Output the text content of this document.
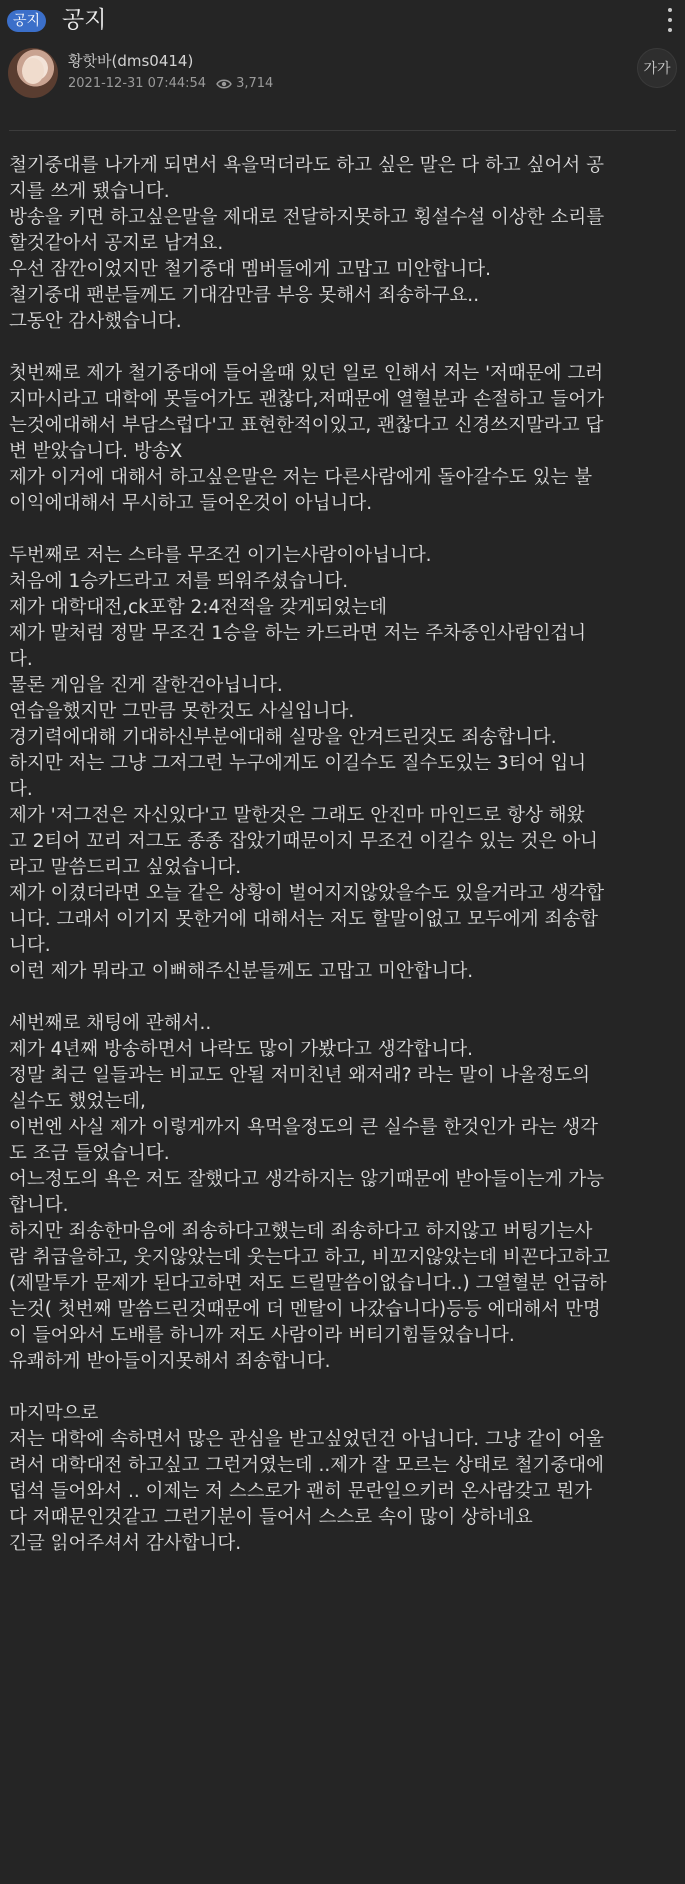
공지 공지
황핫바(dms0414)
2021-12-31 07:44:54 3,714
가가
철기중대를 나가게 되면서 욕을먹더라도 하고 싶은 말은 다 하고 싶어서 공
지를 쓰게 됐습니다.
방송을 키면 하고싶은말을 제대로 전달하지못하고 횡설수설 이상한 소리를
할것같아서 공지로 남겨요.
우선 잠깐이었지만 철기중대 멤버들에게 고맙고 미안합니다.
철기중대 팬분들께도 기대감만큼 부응 못해서 죄송하구요..
그동안 감사했습니다.
첫번째로 제가 철기중대에 들어올때 있던 일로 인해서 저는 '저때문에 그러
지마시라고 대학에 못들어가도 괜찮다,저때문에 열혈분과 손절하고 들어가
는것에대해서 부담스럽다'고 표현한적이있고, 괜찮다고 신경쓰지말라고 답
변 받았습니다. 방송X
제가 이거에 대해서 하고싶은말은 저는 다른사람에게 돌아갈수도 있는 불
이익에대해서 무시하고 들어온것이 아닙니다.
두번째로 저는 스타를 무조건 이기는사람이아닙니다.
처음에 1승카드라고 저를 띄워주셨습니다.
제가 대학대전,ck포함 2:4전적을 갖게되었는데
제가 말처럼 정말 무조건 1승을 하는 카드라면 저는 주차중인사람인겁니
다.
물론 게임을 진게 잘한건아닙니다.
연습을했지만 그만큼 못한것도 사실입니다.
경기력에대해 기대하신부분에대해 실망을 안겨드린것도 죄송합니다.
하지만 저는 그냥 그저그런 누구에게도 이길수도 질수도있는 3티어 입니
다.
제가 '저그전은 자신있다'고 말한것은 그래도 안진마 마인드로 항상 해왔
고 2티어 꼬리 저그도 종종 잡았기때문이지 무조건 이길수 있는 것은 아니
라고 말씀드리고 싶었습니다.
제가 이겼더라면 오늘 같은 상황이 벌어지지않았을수도 있을거라고 생각합
니다. 그래서 이기지 못한거에 대해서는 저도 할말이없고 모두에게 죄송합
니다.
이런 제가 뭐라고 이뻐해주신분들께도 고맙고 미안합니다.
세번째로 채팅에 관해서..
제가 4년째 방송하면서 나락도 많이 가봤다고 생각합니다.
정말 최근 일들과는 비교도 안될 저미친년 왜저래? 라는 말이 나올정도의
실수도 했었는데,
이번엔 사실 제가 이렇게까지 욕먹을정도의 큰 실수를 한것인가 라는 생각
도 조금 들었습니다.
어느정도의 욕은 저도 잘했다고 생각하지는 않기때문에 받아들이는게 가능
합니다.
하지만 죄송한마음에 죄송하다고했는데 죄송하다고 하지않고 버팅기는사
람 취급을하고, 웃지않았는데 웃는다고 하고, 비꼬지않았는데 비꼰다고하고
(제말투가 문제가 된다고하면 저도 드릴말씀이없습니다..) 그열혈분 언급하
는것( 첫번째 말씀드린것때문에 더 멘탈이 나갔습니다)등등 에대해서 만명
이 들어와서 도배를 하니까 저도 사람이라 버티기힘들었습니다.
유쾌하게 받아들이지못해서 죄송합니다.
마지막으로
저는 대학에 속하면서 많은 관심을 받고싶었던건 아닙니다. 그냥 같이 어울
려서 대학대전 하고싶고 그런거였는데 ..제가 잘 모르는 상태로 철기중대에
덥석 들어와서 .. 이제는 저 스스로가 괜히 문란일으키러 온사람갖고 뭔가
다 저때문인것같고 그런기분이 들어서 스스로 속이 많이 상하네요
긴글 읽어주셔서 감사합니다.
